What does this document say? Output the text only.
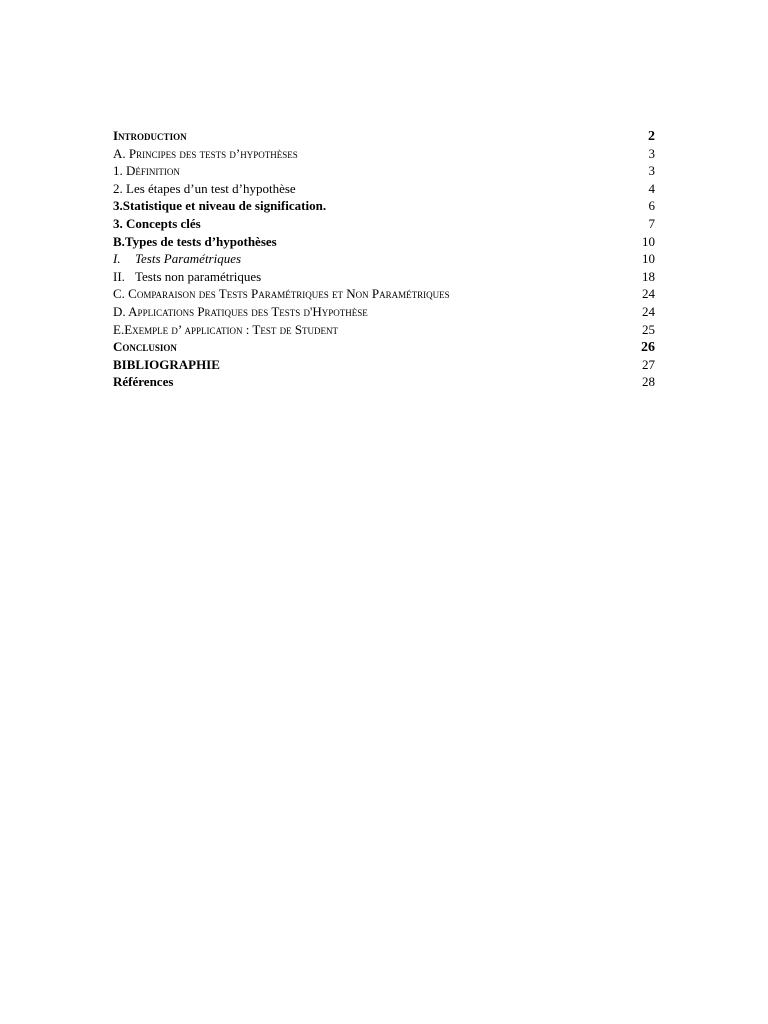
Introduction	2
A. Principes des tests d’hypothèses	3
1. Définition	3
2. Les étapes d’un test d’hypothèse	4
3.Statistique et niveau de signification.	6
3. Concepts clés	7
B.Types de tests d’hypothèses	10
I. Tests Paramétriques	10
II. Tests non paramétriques	18
C. Comparaison des Tests Paramétriques et Non Paramétriques	24
D. Applications Pratiques des Tests d'Hypothèse	24
E.Exemple d’ application : Test de Student	25
Conclusion	26
BIBLIOGRAPHIE	27
Références	28
